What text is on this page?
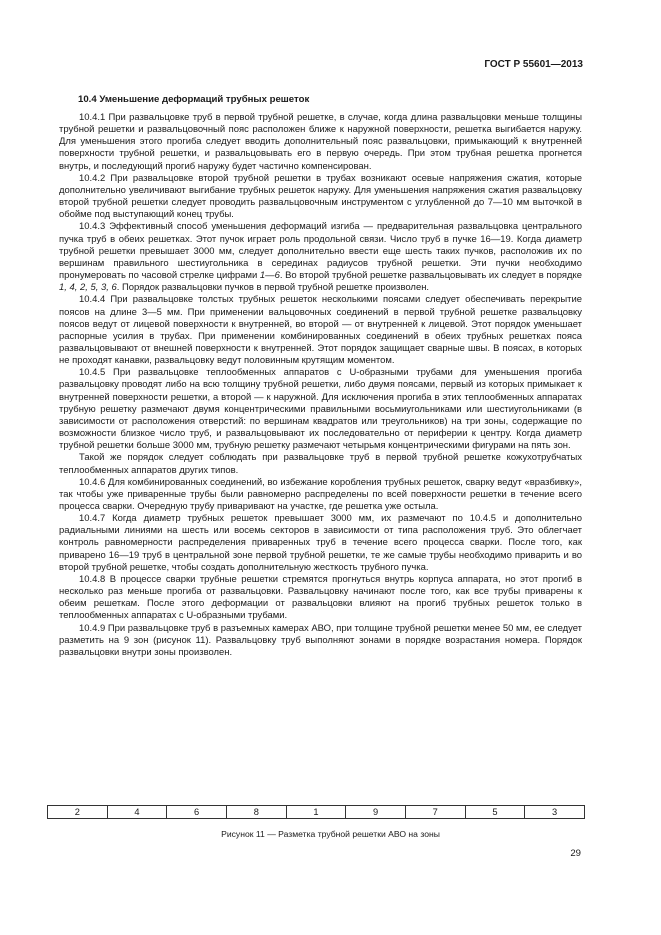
ГОСТ Р 55601—2013
10.4 Уменьшение деформаций трубных решеток

10.4.1 При развальцовке труб в первой трубной решетке, в случае, когда длина развальцовки меньше толщины трубной решетки и развальцовочный пояс расположен ближе к наружной поверхности, решетка выгибается наружу. Для уменьшения этого прогиба следует вводить дополнительный пояс развальцовки, примыкающий к внутренней поверхности трубной решетки, и развальцовывать его в первую очередь. При этом трубная решетка прогнется внутрь, и последующий прогиб наружу будет частично компенсирован.

10.4.2 При развальцовке второй трубной решетки в трубах возникают осевые напряжения сжатия, которые дополнительно увеличивают выгибание трубных решеток наружу. Для уменьшения напряжения сжатия развальцовку второй трубной решетки следует проводить развальцовочным инструментом с углубленной до 7—10 мм выточкой в обойме под выступающий конец трубы.

10.4.3 Эффективный способ уменьшения деформаций изгиба — предварительная развальцовка центрального пучка труб в обеих решетках. Этот пучок играет роль продольной связи. Число труб в пучке 16—19. Когда диаметр трубной решетки превышает 3000 мм, следует дополнительно ввести еще шесть таких пучков, расположив их по вершинам правильного шестиугольника в серединах радиусов трубной решетки. Эти пучки необходимо пронумеровать по часовой стрелке цифрами 1—6. Во второй трубной решетке развальцовывать их следует в порядке 1, 4, 2, 5, 3, 6. Порядок развальцовки пучков в первой трубной решетке произволен.

10.4.4 При развальцовке толстых трубных решеток несколькими поясами следует обеспечивать перекрытие поясов на длине 3—5 мм. При применении вальцовочных соединений в первой трубной решетке развальцовку поясов ведут от лицевой поверхности к внутренней, во второй — от внутренней к лицевой. Этот порядок уменьшает распорные усилия в трубах. При применении комбинированных соединений в обеих трубных решетках пояса развальцовывают от внешней поверхности к внутренней. Этот порядок защищает сварные швы. В поясах, в которых не проходят канавки, развальцовку ведут половинным крутящим моментом.

10.4.5 При развальцовке теплообменных аппаратов с U-образными трубами для уменьшения прогиба развальцовку проводят либо на всю толщину трубной решетки, либо двумя поясами, первый из которых примыкает к внутренней поверхности решетки, а второй — к наружной. Для исключения прогиба в этих теплообменных аппаратах трубную решетку размечают двумя концентрическими правильными восьмиугольниками или шестиугольниками (в зависимости от расположения отверстий: по вершинам квадратов или треугольников) на три зоны, содержащие по возможности близкое число труб, и развальцовывают их последовательно от периферии к центру. Когда диаметр трубной решетки больше 3000 мм, трубную решетку размечают четырьмя концентрическими фигурами на пять зон.

Такой же порядок следует соблюдать при развальцовке труб в первой трубной решетке кожухотрубчатых теплообменных аппаратов других типов.

10.4.6 Для комбинированных соединений, во избежание коробления трубных решеток, сварку ведут «вразбивку», так чтобы уже приваренные трубы были равномерно распределены по всей поверхности решетки в течение всего процесса сварки. Очередную трубу приваривают на участке, где решетка уже остыла.

10.4.7 Когда диаметр трубных решеток превышает 3000 мм, их размечают по 10.4.5 и дополнительно радиальными линиями на шесть или восемь секторов в зависимости от типа расположения труб. Это облегчает контроль равномерности распределения приваренных труб в течение всего процесса сварки. После того, как приварено 16—19 труб в центральной зоне первой трубной решетки, те же самые трубы необходимо приварить и во второй трубной решетке, чтобы создать дополнительную жесткость трубного пучка.

10.4.8 В процессе сварки трубные решетки стремятся прогнуться внутрь корпуса аппарата, но этот прогиб в несколько раз меньше прогиба от развальцовки. Развальцовку начинают после того, как все трубы приварены к обеим решеткам. После этого деформации от развальцовки влияют на прогиб трубных решеток только в теплообменных аппаратах с U-образными трубами.

10.4.9 При развальцовке труб в разъемных камерах АВО, при толщине трубной решетки менее 50 мм, ее следует разметить на 9 зон (рисунок 11). Развальцовку труб выполняют зонами в порядке возрастания номера. Порядок развальцовки внутри зоны произволен.

2	4	6	8	1	9	7	5	3
Рисунок 11 — Разметка трубной решетки АВО на зоны
29
